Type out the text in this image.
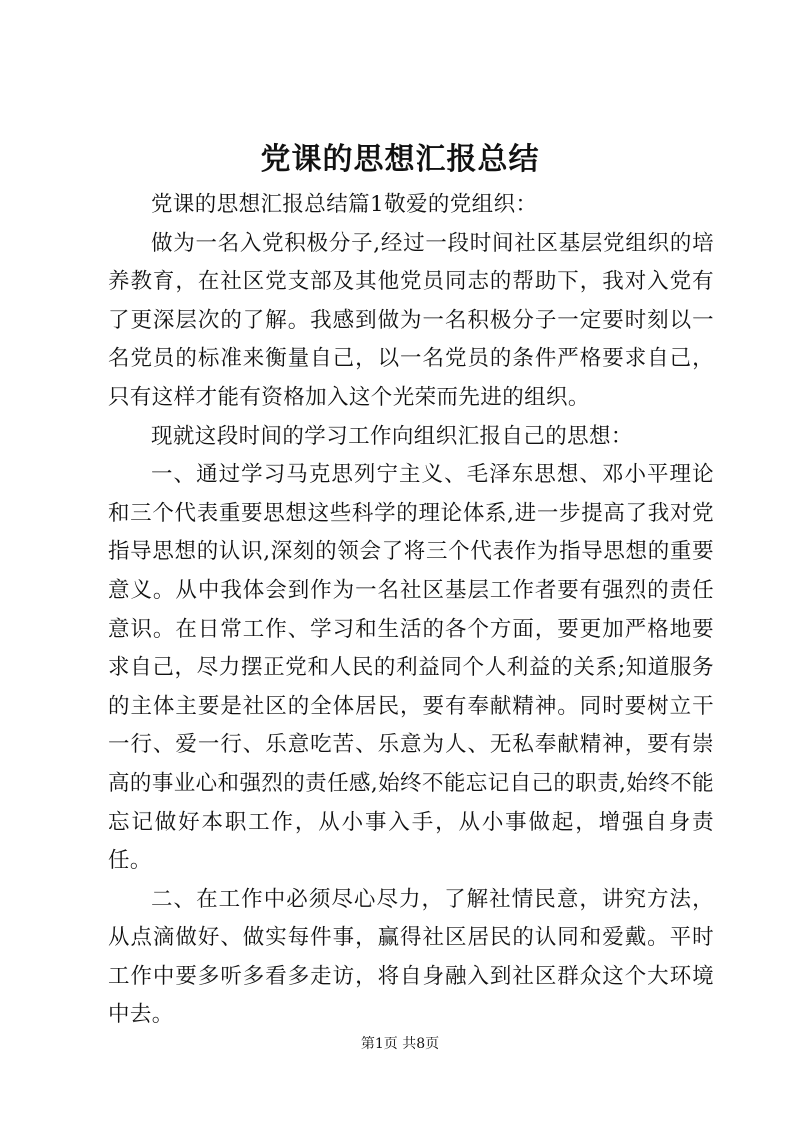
党课的思想汇报总结

党课的思想汇报总结篇1敬爱的党组织：

做为一名入党积极分子,经过一段时间社区基层党组织的培养教育，在社区党支部及其他党员同志的帮助下，我对入党有了更深层次的了解。我感到做为一名积极分子一定要时刻以一名党员的标准来衡量自己，以一名党员的条件严格要求自己，只有这样才能有资格加入这个光荣而先进的组织。

现就这段时间的学习工作向组织汇报自己的思想：

一、通过学习马克思列宁主义、毛泽东思想、邓小平理论和三个代表重要思想这些科学的理论体系,进一步提高了我对党指导思想的认识,深刻的领会了将三个代表作为指导思想的重要意义。从中我体会到作为一名社区基层工作者要有强烈的责任意识。在日常工作、学习和生活的各个方面，要更加严格地要求自己，尽力摆正党和人民的利益同个人利益的关系;知道服务的主体主要是社区的全体居民，要有奉献精神。同时要树立干一行、爱一行、乐意吃苦、乐意为人、无私奉献精神，要有崇高的事业心和强烈的责任感,始终不能忘记自己的职责,始终不能忘记做好本职工作，从小事入手，从小事做起，增强自身责任。

二、在工作中必须尽心尽力，了解社情民意，讲究方法，从点滴做好、做实每件事，赢得社区居民的认同和爱戴。平时工作中要多听多看多走访，将自身融入到社区群众这个大环境中去。

第1页 共8页
